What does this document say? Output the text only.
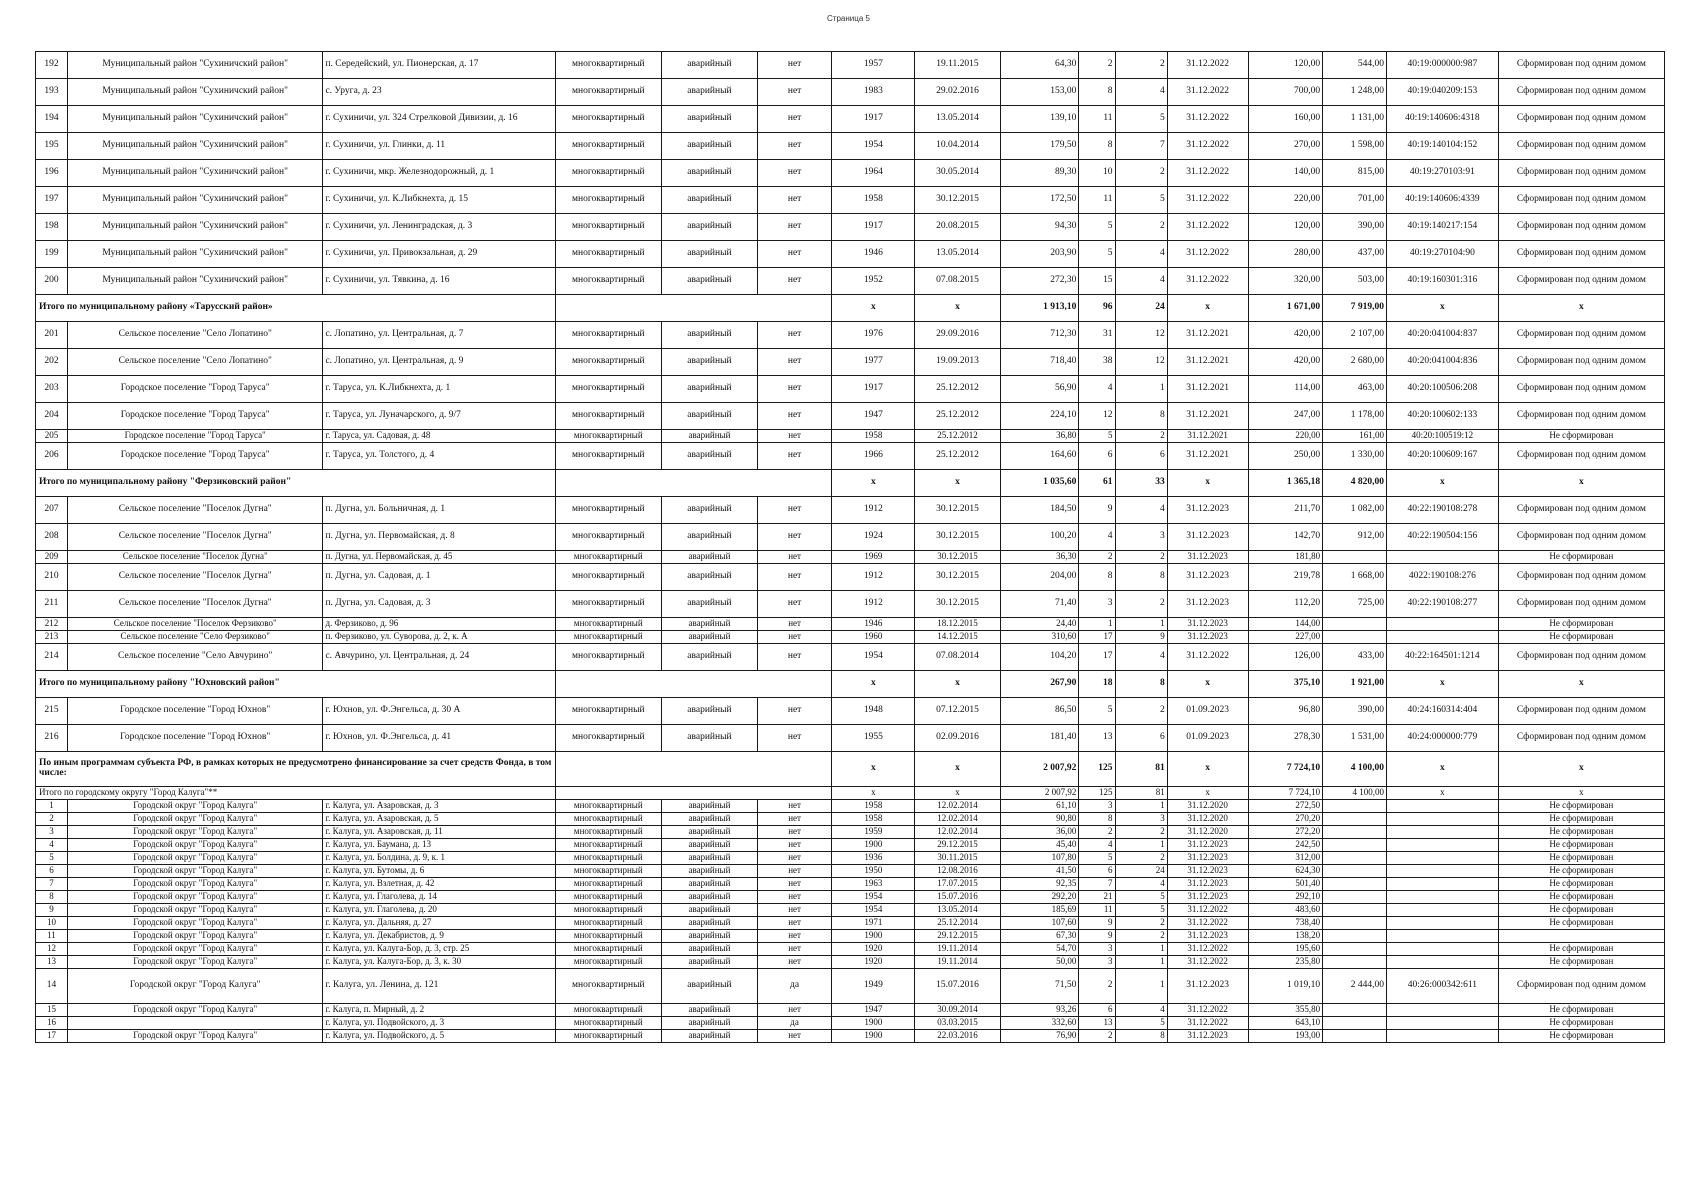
Страница 5
192	Муниципальный район "Сухиничский район"	п. Середейский, ул. Пионерская, д. 17	многоквартирный	аварийный	нет	1957	19.11.2015	64,30	2	2	31.12.2022	120,00	544,00	40:19:000000:987	Сформирован под одним домом
193	Муниципальный район "Сухиничский район"	с. Уруга, д. 23	многоквартирный	аварийный	нет	1983	29.02.2016	153,00	8	4	31.12.2022	700,00	1 248,00	40:19:040209:153	Сформирован под одним домом
194	Муниципальный район "Сухиничский район"	г. Сухиничи, ул. 324 Стрелковой Дивизии, д. 16	многоквартирный	аварийный	нет	1917	13.05.2014	139,10	11	5	31.12.2022	160,00	1 131,00	40:19:140606:4318	Сформирован под одним домом
195	Муниципальный район "Сухиничский район"	г. Сухиничи, ул. Глинки, д. 11	многоквартирный	аварийный	нет	1954	10.04.2014	179,50	8	7	31.12.2022	270,00	1 598,00	40:19:140104:152	Сформирован под одним домом
196	Муниципальный район "Сухиничский район"	г. Сухиничи, мкр. Железнодорожный, д. 1	многоквартирный	аварийный	нет	1964	30.05.2014	89,30	10	2	31.12.2022	140,00	815,00	40:19:270103:91	Сформирован под одним домом
197	Муниципальный район "Сухиничский район"	г. Сухиничи, ул. К.Либкнехта, д. 15	многоквартирный	аварийный	нет	1958	30.12.2015	172,50	11	5	31.12.2022	220,00	701,00	40:19:140606:4339	Сформирован под одним домом
198	Муниципальный район "Сухиничский район"	г. Сухиничи, ул. Ленинградская, д. 3	многоквартирный	аварийный	нет	1917	20.08.2015	94,30	5	2	31.12.2022	120,00	390,00	40:19:140217:154	Сформирован под одним домом
199	Муниципальный район "Сухиничский район"	г. Сухиничи, ул. Привокзальная, д. 29	многоквартирный	аварийный	нет	1946	13.05.2014	203,90	5	4	31.12.2022	280,00	437,00	40:19:270104:90	Сформирован под одним домом
200	Муниципальный район "Сухиничский район"	г. Сухиничи, ул. Тявкина, д. 16	многоквартирный	аварийный	нет	1952	07.08.2015	272,30	15	4	31.12.2022	320,00	503,00	40:19:160301:316	Сформирован под одним домом
Итого по муниципальному району «Тарусский район»						x	x	1 913,10	96	24	x	1 671,00	7 919,00	x	x
201	Сельское поселение "Село Лопатино"	с. Лопатино, ул. Центральная, д. 7	многоквартирный	аварийный	нет	1976	29.09.2016	712,30	31	12	31.12.2021	420,00	2 107,00	40:20:041004:837	Сформирован под одним домом
202	Сельское поселение "Село Лопатино"	с. Лопатино, ул. Центральная, д. 9	многоквартирный	аварийный	нет	1977	19.09.2013	718,40	38	12	31.12.2021	420,00	2 680,00	40:20:041004:836	Сформирован под одним домом
203	Городское поселение "Город Таруса"	г. Таруса, ул. К.Либкнехта, д. 1	многоквартирный	аварийный	нет	1917	25.12.2012	56,90	4	1	31.12.2021	114,00	463,00	40:20:100506:208	Сформирован под одним домом
204	Городское поселение "Город Таруса"	г. Таруса, ул. Луначарского, д. 9/7	многоквартирный	аварийный	нет	1947	25.12.2012	224,10	12	8	31.12.2021	247,00	1 178,00	40:20:100602:133	Сформирован под одним домом
205	Городское поселение "Город Таруса"	г. Таруса, ул. Садовая, д. 48	многоквартирный	аварийный	нет	1958	25.12.2012	36,80	5	2	31.12.2021	220,00	161,00	40:20:100519:12	Не сформирован
206	Городское поселение "Город Таруса"	г. Таруса, ул. Толстого, д. 4	многоквартирный	аварийный	нет	1966	25.12.2012	164,60	6	6	31.12.2021	250,00	1 330,00	40:20:100609:167	Сформирован под одним домом
Итого по муниципальному району "Ферзиковский район"						x	x	1 035,60	61	33	x	1 365,18	4 820,00	x	x
207	Сельское поселение "Поселок Дугна"	п. Дугна, ул. Больничная, д. 1	многоквартирный	аварийный	нет	1912	30.12.2015	184,50	9	4	31.12.2023	211,70	1 082,00	40:22:190108:278	Сформирован под одним домом
208	Сельское поселение "Поселок Дугна"	п. Дугна, ул. Первомайская, д. 8	многоквартирный	аварийный	нет	1924	30.12.2015	100,20	4	3	31.12.2023	142,70	912,00	40:22:190504:156	Сформирован под одним домом
209	Сельское поселение "Поселок Дугна"	п. Дугна, ул. Первомайская, д. 45	многоквартирный	аварийный	нет	1969	30.12.2015	36,30	2	2	31.12.2023	181,80			Не сформирован
210	Сельское поселение "Поселок Дугна"	п. Дугна, ул. Садовая, д. 1	многоквартирный	аварийный	нет	1912	30.12.2015	204,00	8	8	31.12.2023	219,78	1 668,00	4022:190108:276	Сформирован под одним домом
211	Сельское поселение "Поселок Дугна"	п. Дугна, ул. Садовая, д. 3	многоквартирный	аварийный	нет	1912	30.12.2015	71,40	3	2	31.12.2023	112,20	725,00	40:22:190108:277	Сформирован под одним домом
212	Сельское поселение "Поселок Ферзиково"	д. Ферзиково, д. 96	многоквартирный	аварийный	нет	1946	18.12.2015	24,40	1	1	31.12.2023	144,00			Не сформирован
213	Сельское поселение "Село Ферзиково"	п. Ферзиково, ул. Суворова, д. 2, к. А	многоквартирный	аварийный	нет	1960	14.12.2015	310,60	17	9	31.12.2023	227,00			Не сформирован
214	Сельское поселение "Село Авчурино"	с. Авчурино, ул. Центральная, д. 24	многоквартирный	аварийный	нет	1954	07.08.2014	104,20	17	4	31.12.2022	126,00	433,00	40:22:164501:1214	Сформирован под одним домом
Итого по муниципальному району "Юхновский район"						x	x	267,90	18	8	x	375,10	1 921,00	x	x
215	Городское поселение "Город Юхнов"	г. Юхнов, ул. Ф.Энгельса, д. 30 А	многоквартирный	аварийный	нет	1948	07.12.2015	86,50	5	2	01.09.2023	96,80	390,00	40:24:160314:404	Сформирован под одним домом
216	Городское поселение "Город Юхнов"	г. Юхнов, ул. Ф.Энгельса, д. 41	многоквартирный	аварийный	нет	1955	02.09.2016	181,40	13	6	01.09.2023	278,30	1 531,00	40:24:000000:779	Сформирован под одним домом
По иным программам субъекта РФ, в рамках которых не предусмотрено финансирование за счет средств Фонда, в том числе:						x	x	2 007,92	125	81	x	7 724,10	4 100,00	x	x
Итого по городскому округу "Город Калуга"**						x	x	2 007,92	125	81	x	7 724,10	4 100,00	x	x
1	Городской округ "Город Калуга"	г. Калуга, ул. Азаровская, д. 3	многоквартирный	аварийный	нет	1958	12.02.2014	61,10	3	1	31.12.2020	272,50			Не сформирован
2	Городской округ "Город Калуга"	г. Калуга, ул. Азаровская, д. 5	многоквартирный	аварийный	нет	1958	12.02.2014	90,80	8	3	31.12.2020	270,20			Не сформирован
3	Городской округ "Город Калуга"	г. Калуга, ул. Азаровская, д. 11	многоквартирный	аварийный	нет	1959	12.02.2014	36,00	2	2	31.12.2020	272,20			Не сформирован
4	Городской округ "Город Калуга"	г. Калуга, ул. Баумана, д. 13	многоквартирный	аварийный	нет	1900	29.12.2015	45,40	4	1	31.12.2023	242,50			Не сформирован
5	Городской округ "Город Калуга"	г. Калуга, ул. Болдина, д. 9, к. 1	многоквартирный	аварийный	нет	1936	30.11.2015	107,80	5	2	31.12.2023	312,00			Не сформирован
6	Городской округ "Город Калуга"	г. Калуга, ул. Бутомы, д. 6	многоквартирный	аварийный	нет	1950	12.08.2016	41,50	6	24	31.12.2023	624,30			Не сформирован
7	Городской округ "Город Калуга"	г. Калуга, ул. Взлетная, д. 42	многоквартирный	аварийный	нет	1963	17.07.2015	92,35	7	4	31.12.2023	501,40			Не сформирован
8	Городской округ "Город Калуга"	г. Калуга, ул. Глаголева, д. 14	многоквартирный	аварийный	нет	1954	15.07.2016	292,20	21	5	31.12.2023	292,10			Не сформирован
9	Городской округ "Город Калуга"	г. Калуга, ул. Глаголева, д. 20	многоквартирный	аварийный	нет	1954	13.05.2014	185,69	11	5	31.12.2022	483,60			Не сформирован
10	Городской округ "Город Калуга"	г. Калуга, ул. Дальняя, д. 27	многоквартирный	аварийный	нет	1971	25.12.2014	107,60	9	2	31.12.2022	738,40			Не сформирован
11	Городской округ "Город Калуга"	г. Калуга, ул. Декабристов, д. 9	многоквартирный	аварийный	нет	1900	29.12.2015	67,30	9	2	31.12.2023	138,20			
12	Городской округ "Город Калуга"	г. Калуга, ул. Калуга-Бор, д. 3, стр. 25	многоквартирный	аварийный	нет	1920	19.11.2014	54,70	3	1	31.12.2022	195,60			Не сформирован
13	Городской округ "Город Калуга"	г. Калуга, ул. Калуга-Бор, д. 3, к. 30	многоквартирный	аварийный	нет	1920	19.11.2014	50,00	3	1	31.12.2022	235,80			Не сформирован
14	Городской округ "Город Калуга"	г. Калуга, ул. Ленина, д. 121	многоквартирный	аварийный	да	1949	15.07.2016	71,50	2	1	31.12.2023	1 019,10	2 444,00	40:26:000342:611	Сформирован под одним домом
15	Городской округ "Город Калуга"	г. Калуга, п. Мирный, д. 2	многоквартирный	аварийный	нет	1947	30.09.2014	93,26	6	4	31.12.2022	355,80			Не сформирован
16		г. Калуга, ул. Подвойского, д. 3	многоквартирный	аварийный	да	1900	03.03.2015	332,60	13	5	31.12.2022	643,10			Не сформирован
17	Городской округ "Город Калуга"	г. Калуга, ул. Подвойского, д. 5	многоквартирный	аварийный	нет	1900	22.03.2016	76,90	2	8	31.12.2023	193,00			Не сформирован
